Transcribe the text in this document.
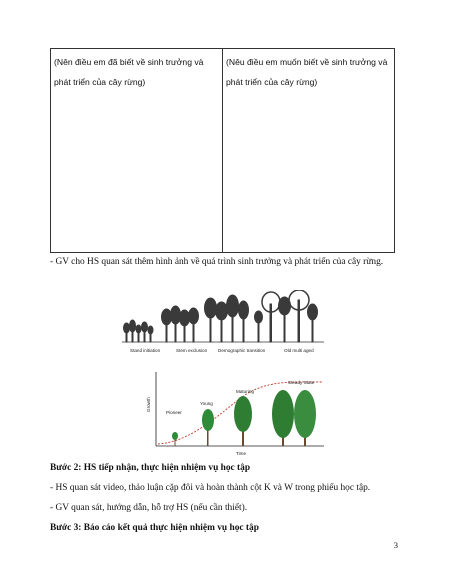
(Nên điều em đã biết về sinh trưởng và phát triển của cây rừng)
(Nêu điều em muốn biết về sinh trưởng và phát triển của cây rừng)
- GV cho HS quan sát thêm hình ảnh về quá trình sinh trưởng và phát triển của cây rừng.
Stand initiation	Stem exclusion Demographic transition	Old multi aged
Growth
Time
Pioneer
Young
Maturing
Steady State
Bước 2: HS tiếp nhận, thực hiện nhiệm vụ học tập
- HS quan sát video, thảo luận cặp đôi và hoàn thành cột K và W trong phiếu học tập.
- GV quan sát, hướng dẫn, hỗ trợ HS (nếu cần thiết).
Bước 3: Báo cáo kết quả thực hiện nhiệm vụ học tập
3
